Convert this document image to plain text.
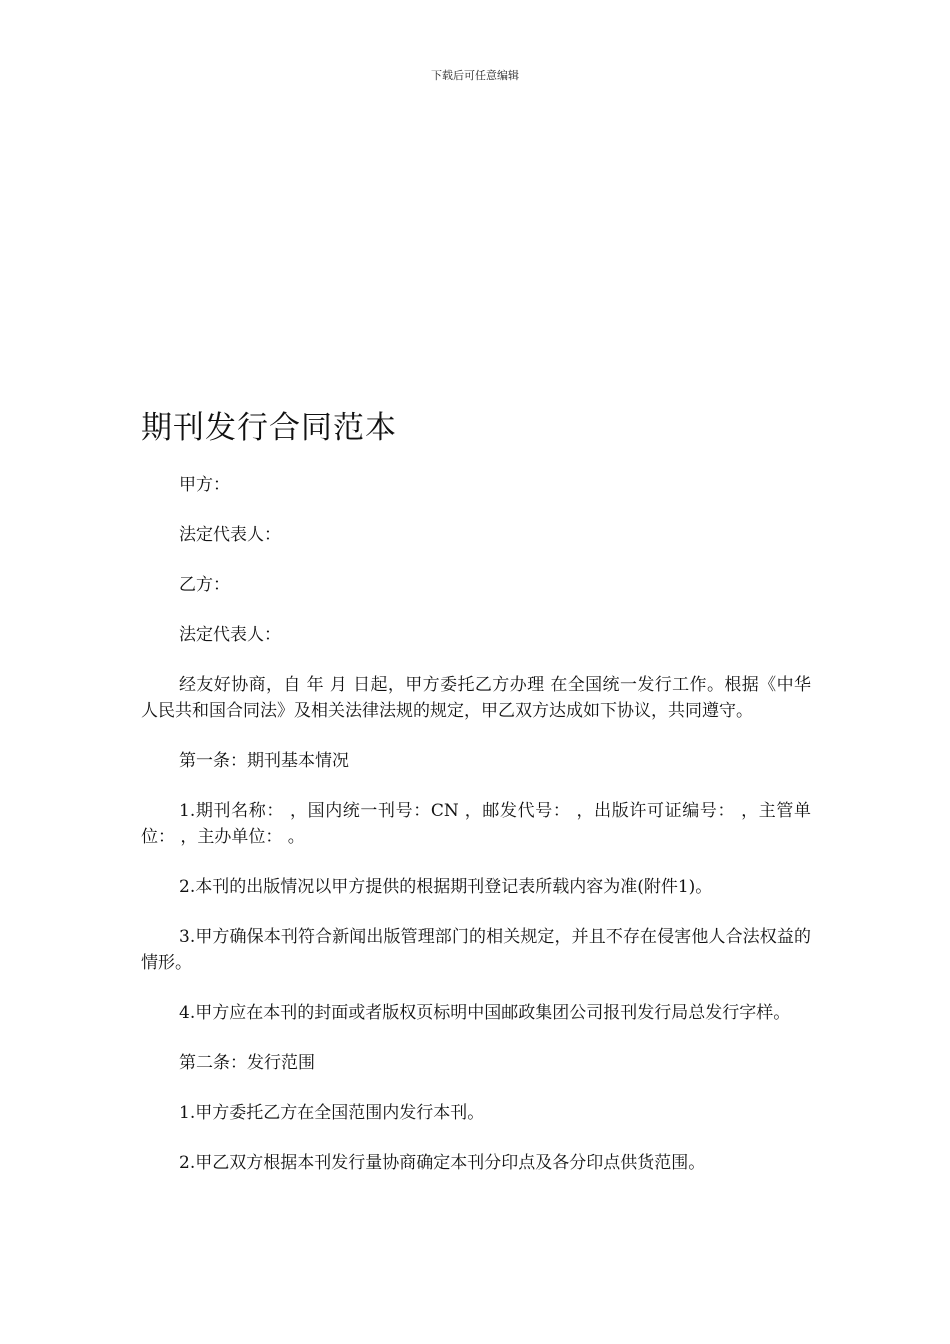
下载后可任意编辑
期刊发行合同范本

甲方：

法定代表人：

乙方：

法定代表人：

经友好协商，自 年 月 日起，甲方委托乙方办理 在全国统一发行工作。根据《中华人民共和国合同法》及相关法律法规的规定，甲乙双方达成如下协议，共同遵守。

第一条：期刊基本情况

1.期刊名称： ，国内统一刊号：CN ，邮发代号： ，出版许可证编号： ，主管单位： ，主办单位： 。

2.本刊的出版情况以甲方提供的根据期刊登记表所载内容为准(附件1)。

3.甲方确保本刊符合新闻出版管理部门的相关规定，并且不存在侵害他人合法权益的情形。

4.甲方应在本刊的封面或者版权页标明中国邮政集团公司报刊发行局总发行字样。

第二条：发行范围

1.甲方委托乙方在全国范围内发行本刊。

2.甲乙双方根据本刊发行量协商确定本刊分印点及各分印点供货范围。
